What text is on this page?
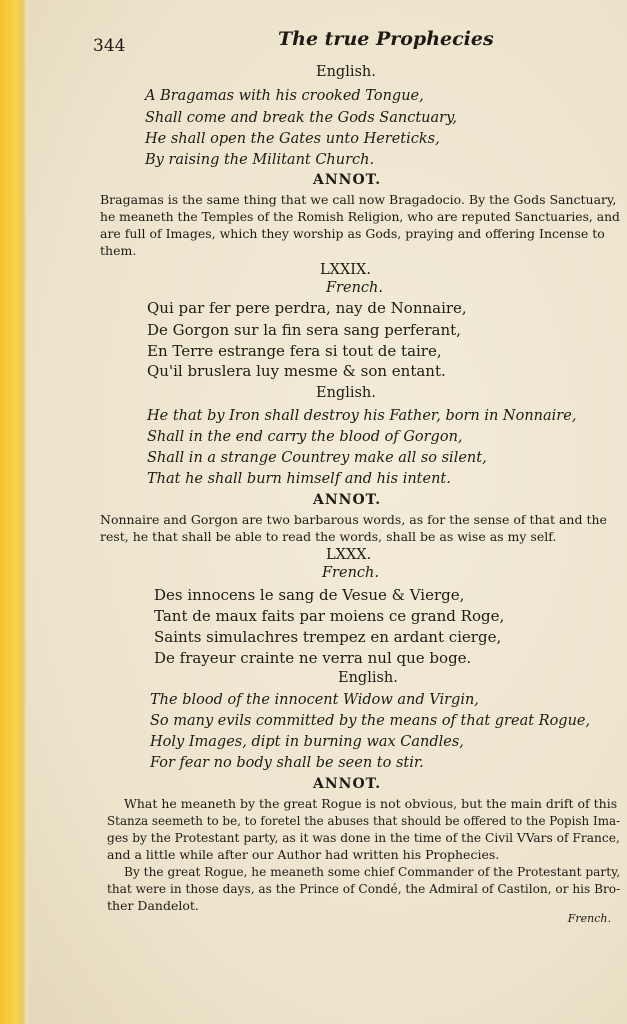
344	The true Prophecies
English.
A Bragamas with his crooked Tongue,
Shall come and break the Gods Sanctuary,
He shall open the Gates unto Hereticks,
By raising the Militant Church.
ANNOT.
Bragamas is the same thing that we call now Bragadocio. By the Gods Sanctuary,
he meaneth the Temples of the Romish Religion, who are reputed Sanctuaries, and
are full of Images, which they worship as Gods, praying and offering Incense to
them.
LXXIX.
French.
Qui par fer pere perdra, nay de Nonnaire,
De Gorgon sur la fin sera sang perferant,
En Terre estrange fera si tout de taire,
Qu'il bruslera luy mesme & son entant.
English.
He that by Iron shall destroy his Father, born in Nonnaire,
Shall in the end carry the blood of Gorgon,
Shall in a strange Countrey make all so silent,
That he shall burn himself and his intent.
ANNOT.
Nonnaire and Gorgon are two barbarous words, as for the sense of that and the
rest, he that shall be able to read the words, shall be as wise as my self.
LXXX.
French.
Des innocens le sang de Vesue & Vierge,
Tant de maux faits par moiens ce grand Roge,
Saints simulachres trempez en ardant cierge,
De frayeur crainte ne verra nul que boge.
English.
The blood of the innocent Widow and Virgin,
So many evils committed by the means of that great Rogue,
Holy Images, dipt in burning wax Candles,
For fear no body shall be seen to stir.
ANNOT.
What he meaneth by the great Rogue is not obvious, but the main drift of this
Stanza seemeth to be, to foretel the abuses that should be offered to the Popish Ima-
ges by the Protestant party, as it was done in the time of the Civil VVars of France,
and a little while after our Author had written his Prophecies.
By the great Rogue, he meaneth some chief Commander of the Protestant party,
that were in those days, as the Prince of Condé, the Admiral of Castilon, or his Bro-
ther Dandelot.
French.
